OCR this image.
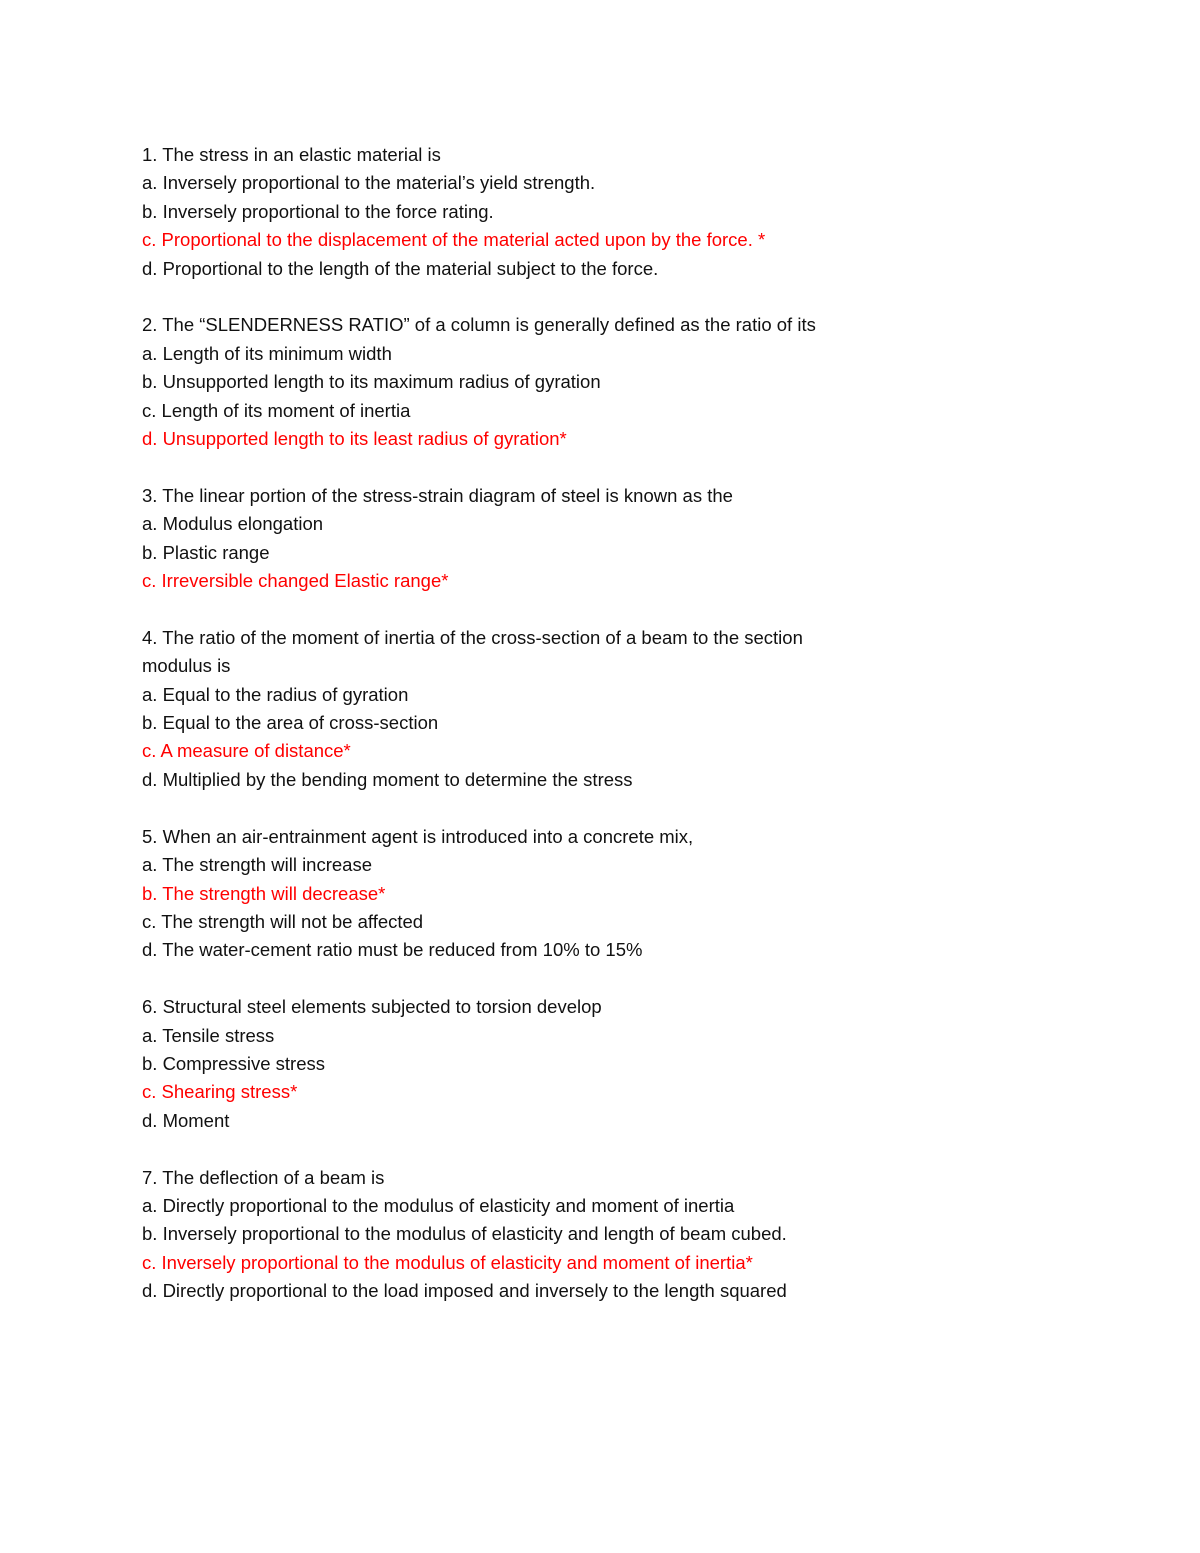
1. The stress in an elastic material is
a. Inversely proportional to the material’s yield strength.
b. Inversely proportional to the force rating.
c. Proportional to the displacement of the material acted upon by the force. *
d. Proportional to the length of the material subject to the force.
2. The “SLENDERNESS RATIO” of a column is generally defined as the ratio of its
a. Length of its minimum width
b. Unsupported length to its maximum radius of gyration
c. Length of its moment of inertia
d. Unsupported length to its least radius of gyration*
3. The linear portion of the stress-strain diagram of steel is known as the
a. Modulus elongation
b. Plastic range
c. Irreversible changed Elastic range*
4. The ratio of the moment of inertia of the cross-section of a beam to the section modulus is
a. Equal to the radius of gyration
b. Equal to the area of cross-section
c. A measure of distance*
d. Multiplied by the bending moment to determine the stress
5. When an air-entrainment agent is introduced into a concrete mix,
a. The strength will increase
b. The strength will decrease*
c. The strength will not be affected
d. The water-cement ratio must be reduced from 10% to 15%
6. Structural steel elements subjected to torsion develop
a. Tensile stress
b. Compressive stress
c. Shearing stress*
d. Moment
7. The deflection of a beam is
a. Directly proportional to the modulus of elasticity and moment of inertia
b. Inversely proportional to the modulus of elasticity and length of beam cubed.
c. Inversely proportional to the modulus of elasticity and moment of inertia*
d. Directly proportional to the load imposed and inversely to the length squared
